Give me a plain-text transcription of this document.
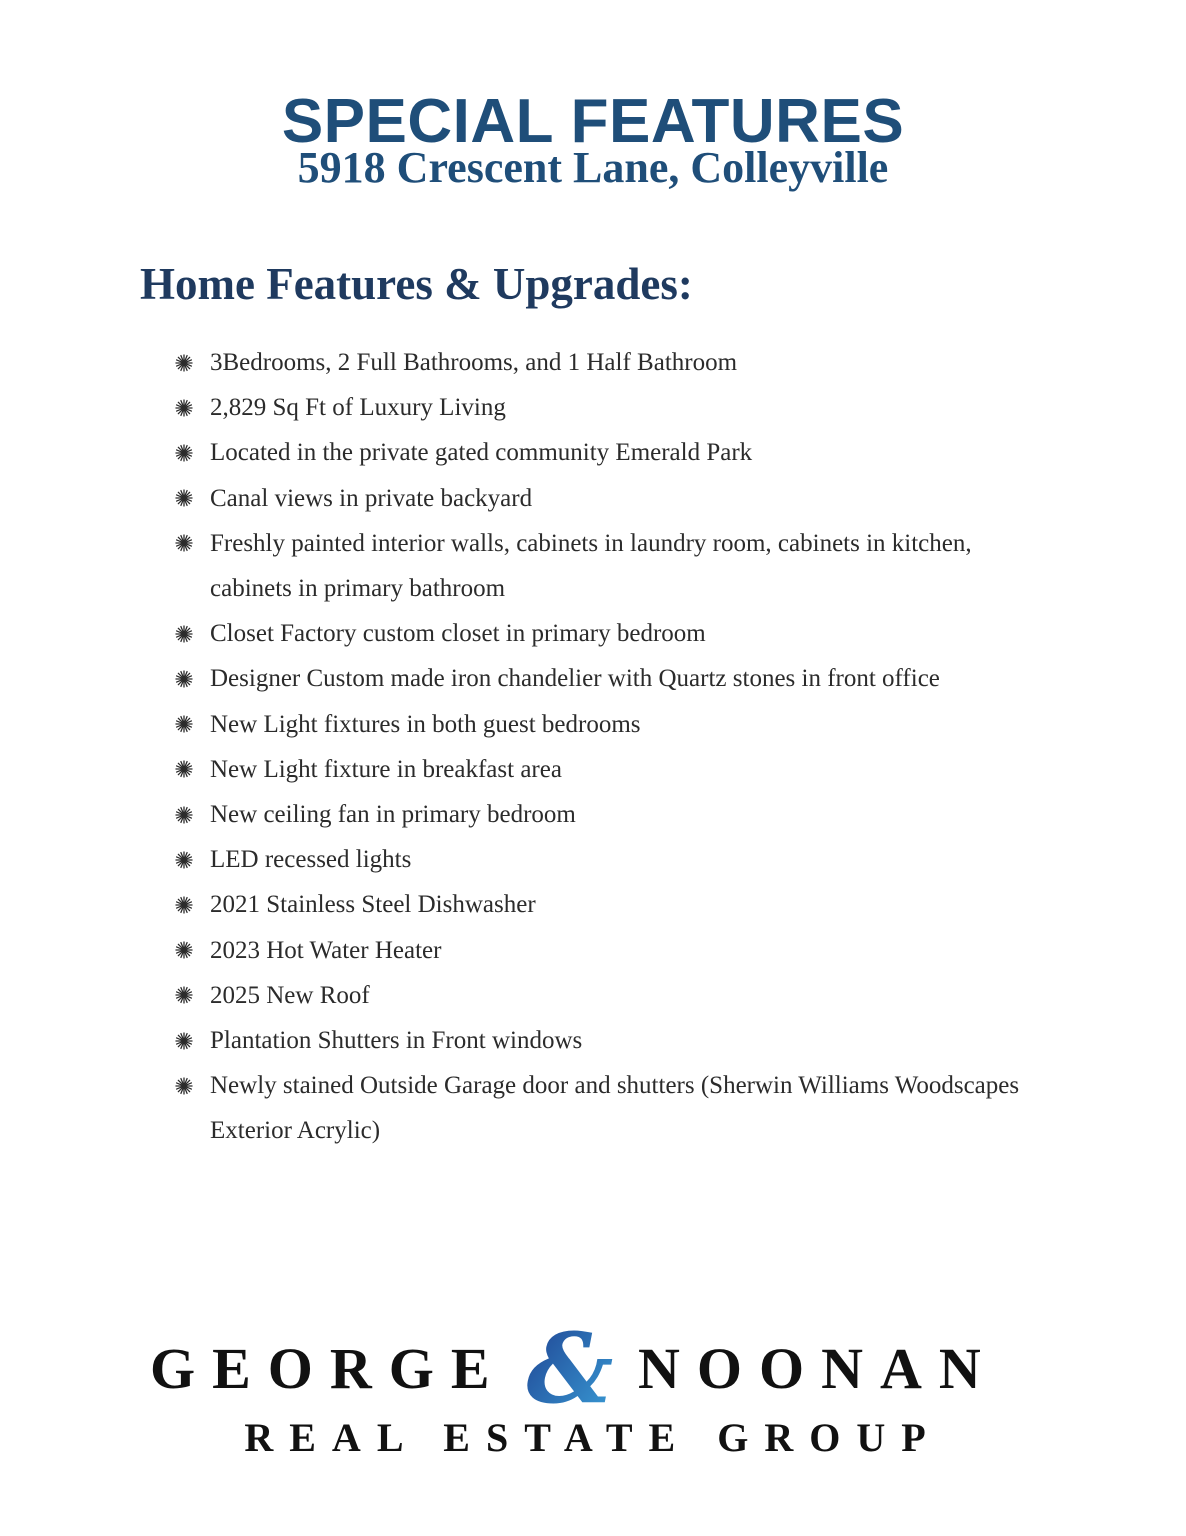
SPECIAL FEATURES
5918 Crescent Lane, Colleyville
Home Features & Upgrades:
3Bedrooms, 2 Full Bathrooms, and 1 Half Bathroom
2,829 Sq Ft of Luxury Living
Located in the private gated community Emerald Park
Canal views in private backyard
Freshly painted interior walls, cabinets in laundry room, cabinets in kitchen, cabinets in primary bathroom
Closet Factory custom closet in primary bedroom
Designer Custom made iron chandelier with Quartz stones in front office
New Light fixtures in both guest bedrooms
New Light fixture in breakfast area
New ceiling fan in primary bedroom
LED recessed lights
2021 Stainless Steel Dishwasher
2023 Hot Water Heater
2025 New Roof
Plantation Shutters in Front windows
Newly stained Outside Garage door and shutters (Sherwin Williams Woodscapes Exterior Acrylic)
GEORGE & NOONAN
REAL ESTATE GROUP
